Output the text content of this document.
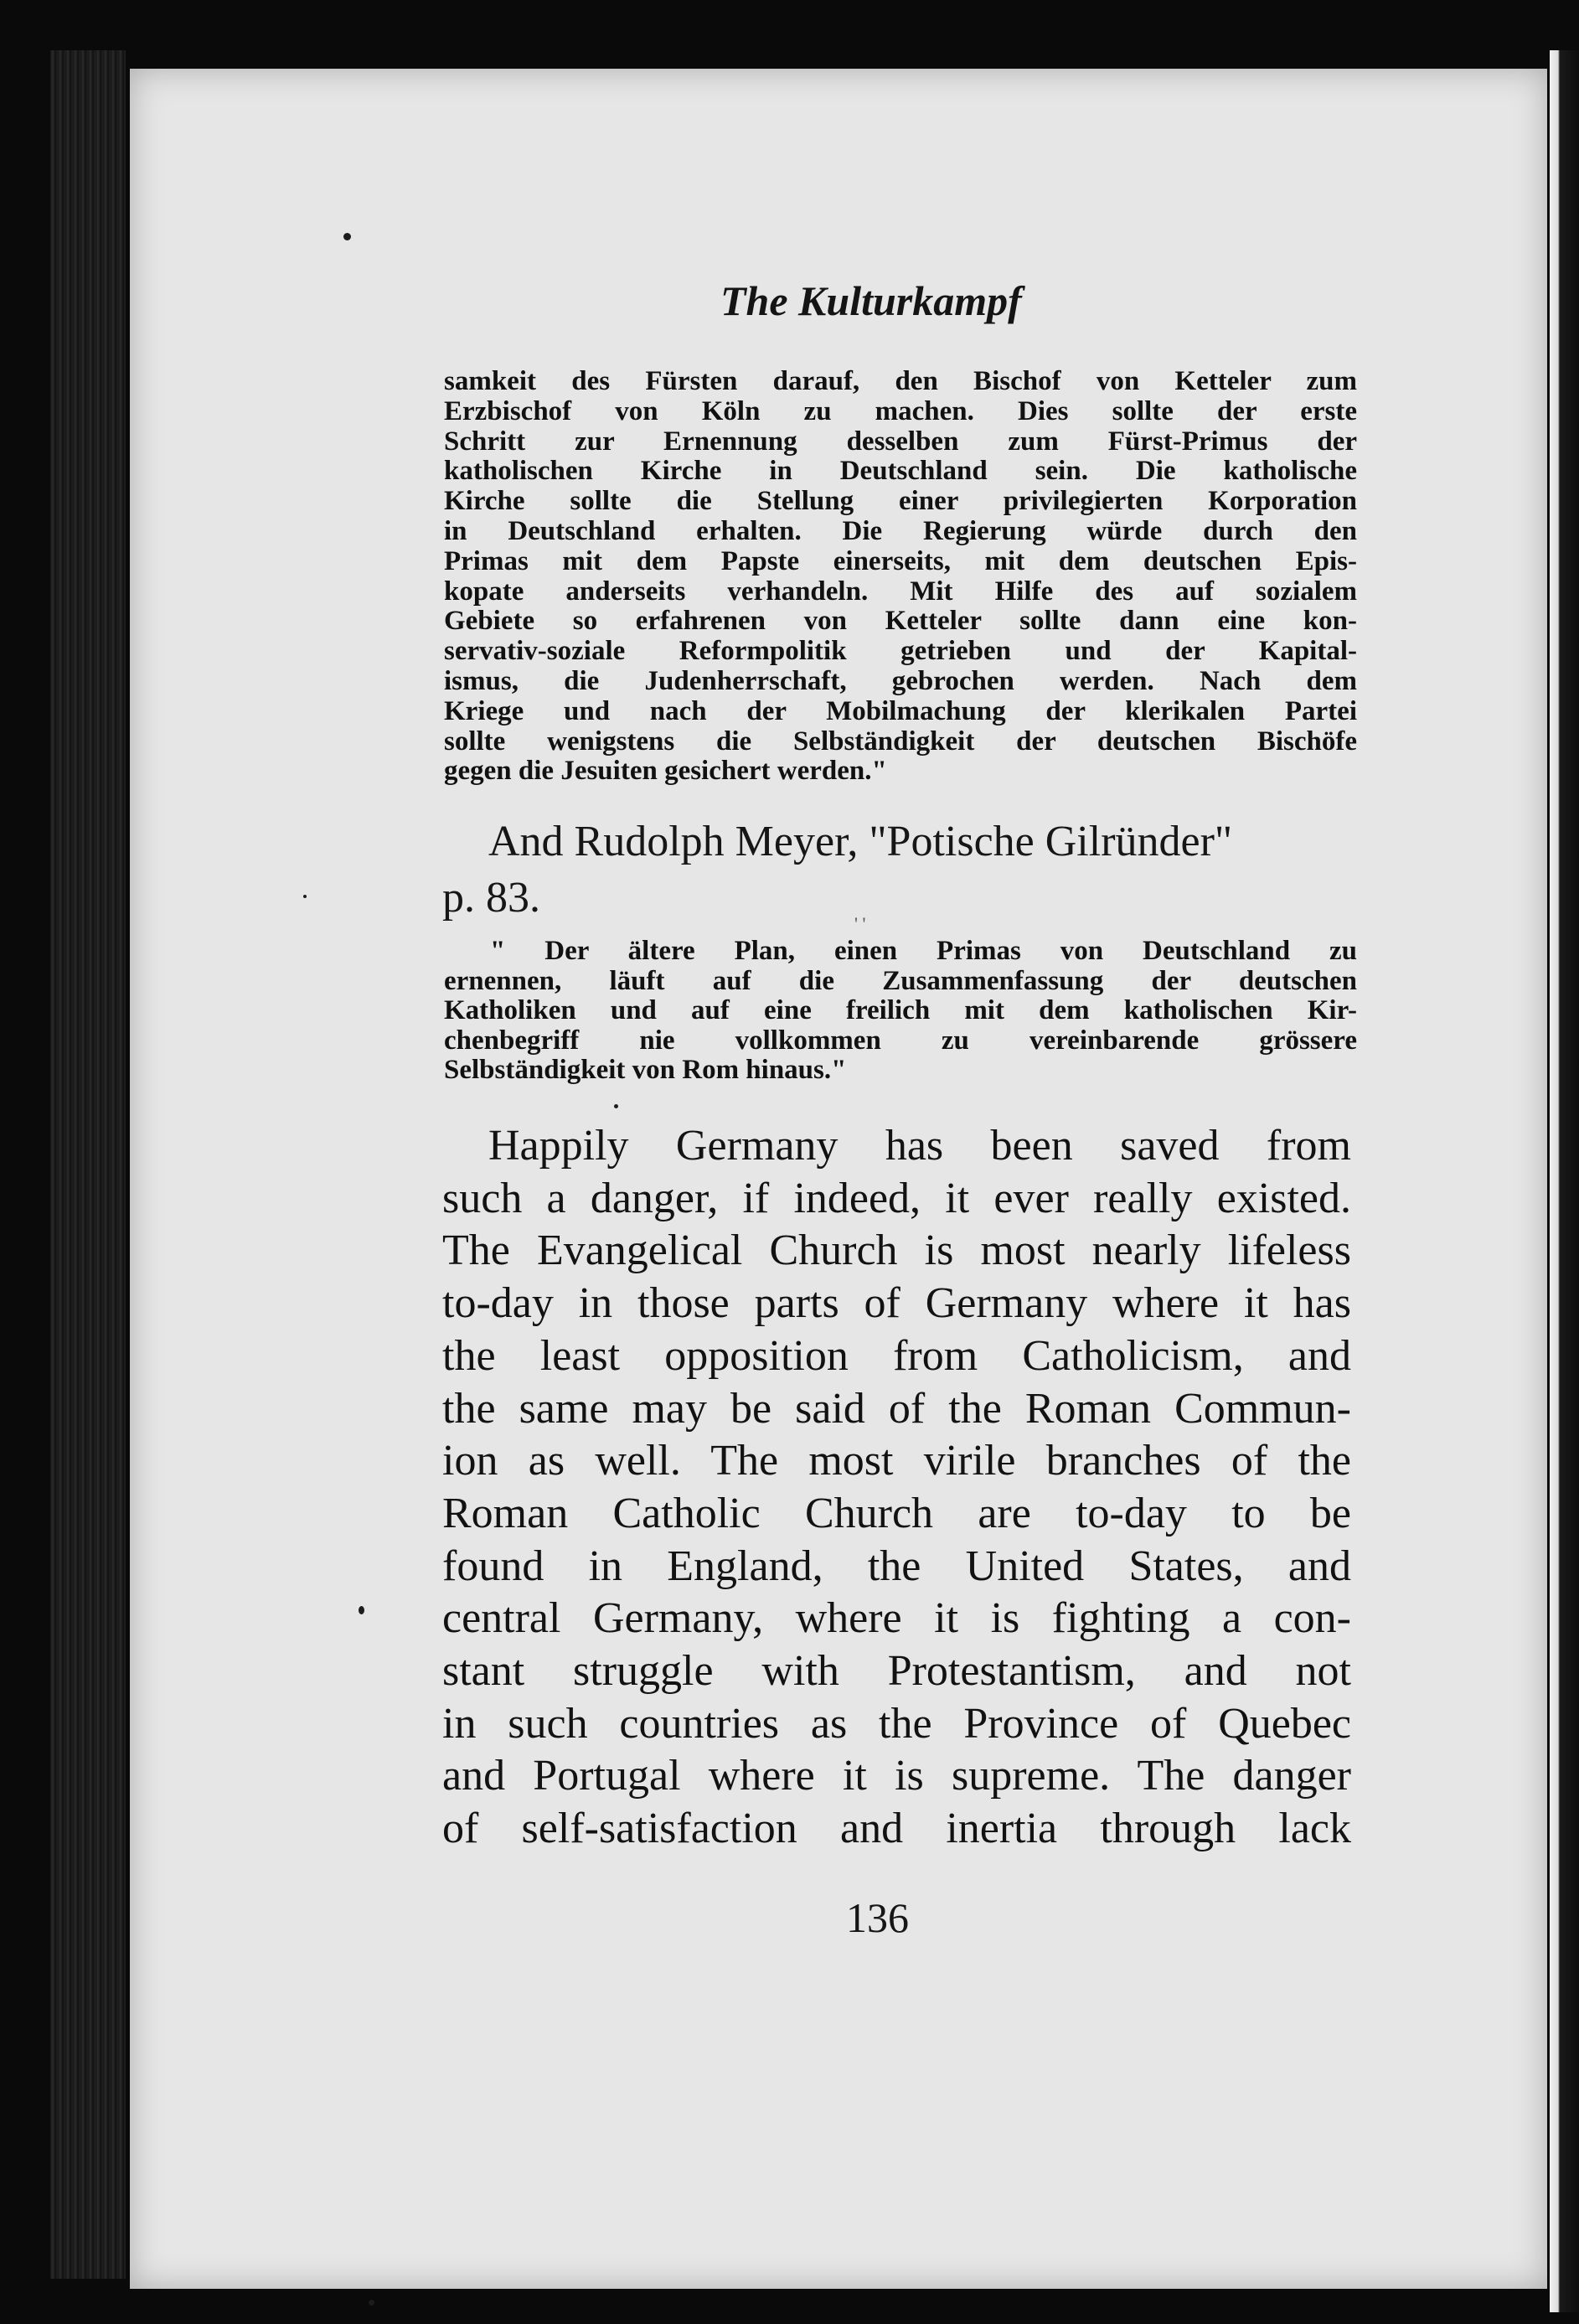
The Kulturkampf
samkeit des Fürsten darauf, den Bischof von Ketteler zum
Erzbischof von Köln zu machen. Dies sollte der erste
Schritt zur Ernennung desselben zum Fürst-Primus der
katholischen Kirche in Deutschland sein. Die katholische
Kirche sollte die Stellung einer privilegierten Korporation
in Deutschland erhalten. Die Regierung würde durch den
Primas mit dem Papste einerseits, mit dem deutschen Epis-
kopate anderseits verhandeln. Mit Hilfe des auf sozialem
Gebiete so erfahrenen von Ketteler sollte dann eine kon-
servativ-soziale Reformpolitik getrieben und der Kapital-
ismus, die Judenherrschaft, gebrochen werden. Nach dem
Kriege und nach der Mobilmachung der klerikalen Partei
sollte wenigstens die Selbständigkeit der deutschen Bischöfe
gegen die Jesuiten gesichert werden."

And Rudolph Meyer, "Potische Gilründer"

p. 83.

' '
" Der ältere Plan, einen Primas von Deutschland zu
ernennen, läuft auf die Zusammenfassung der deutschen
Katholiken und auf eine freilich mit dem katholischen Kir-
chenbegriff nie vollkommen zu vereinbarende grössere
Selbständigkeit von Rom hinaus."
Happily Germany has been saved from
such a danger, if indeed, it ever really existed.
The Evangelical Church is most nearly lifeless
to-day in those parts of Germany where it has
the least opposition from Catholicism, and
the same may be said of the Roman Commun-
ion as well. The most virile branches of the
Roman Catholic Church are to-day to be
found in England, the United States, and
central Germany, where it is fighting a con-
stant struggle with Protestantism, and not
in such countries as the Province of Quebec
and Portugal where it is supreme. The danger
of self-satisfaction and inertia through lack

136
